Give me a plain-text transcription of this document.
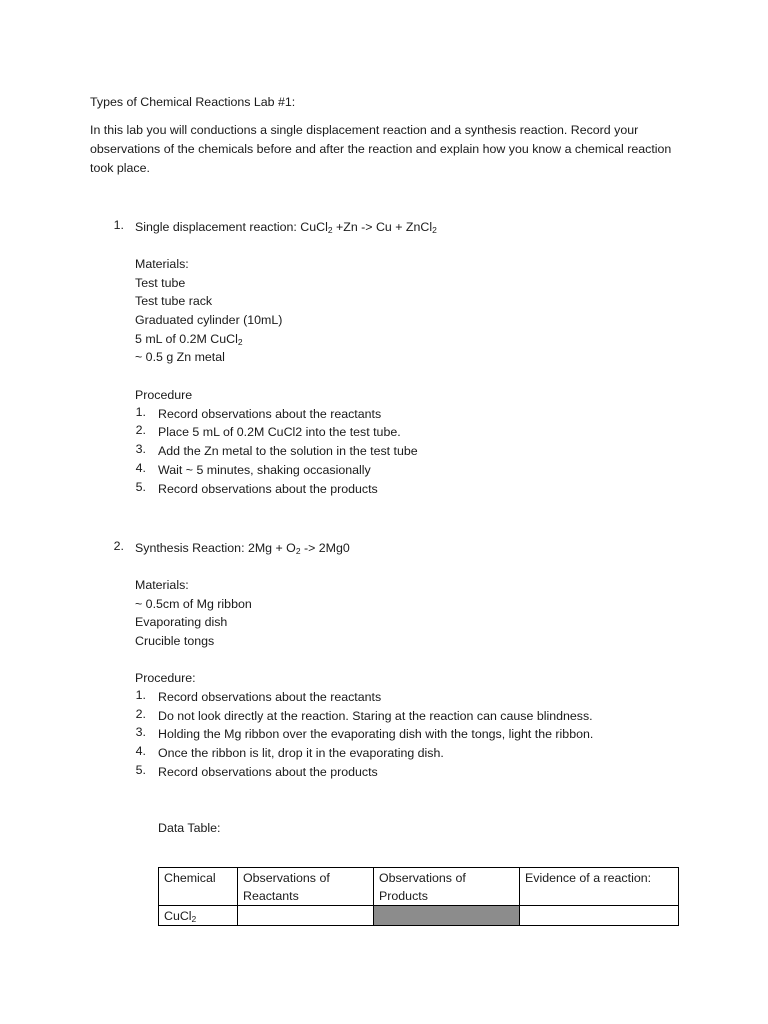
Types of Chemical Reactions Lab #1:
In this lab you will conductions a single displacement reaction and a synthesis reaction. Record your observations of the chemicals before and after the reaction and explain how you know a chemical reaction took place.
1. Single displacement reaction: CuCl$_2$ +Zn -> Cu + ZnCl$_2$
Materials:
Test tube
Test tube rack
Graduated cylinder (10mL)
5 mL of 0.2M CuCl$_2$
~ 0.5 g Zn metal
Procedure
1. Record observations about the reactants
2. Place 5 mL of 0.2M CuCl2 into the test tube.
3. Add the Zn metal to the solution in the test tube
4. Wait ~ 5 minutes, shaking occasionally
5. Record observations about the products
2. Synthesis Reaction: $2Mg + O_2 -> 2Mg0$
Materials:
~ 0.5cm of Mg ribbon
Evaporating dish
Crucible tongs
Procedure:
1. Record observations about the reactants
2. Do not look directly at the reaction. Staring at the reaction can cause blindness.
3. Holding the Mg ribbon over the evaporating dish with the tongs, light the ribbon.
4. Once the ribbon is lit, drop it in the evaporating dish.
5. Record observations about the products
Data Table:
Chemical	Observations of Reactants	Observations of Products	Evidence of a reaction:
CuCl$_2$			
